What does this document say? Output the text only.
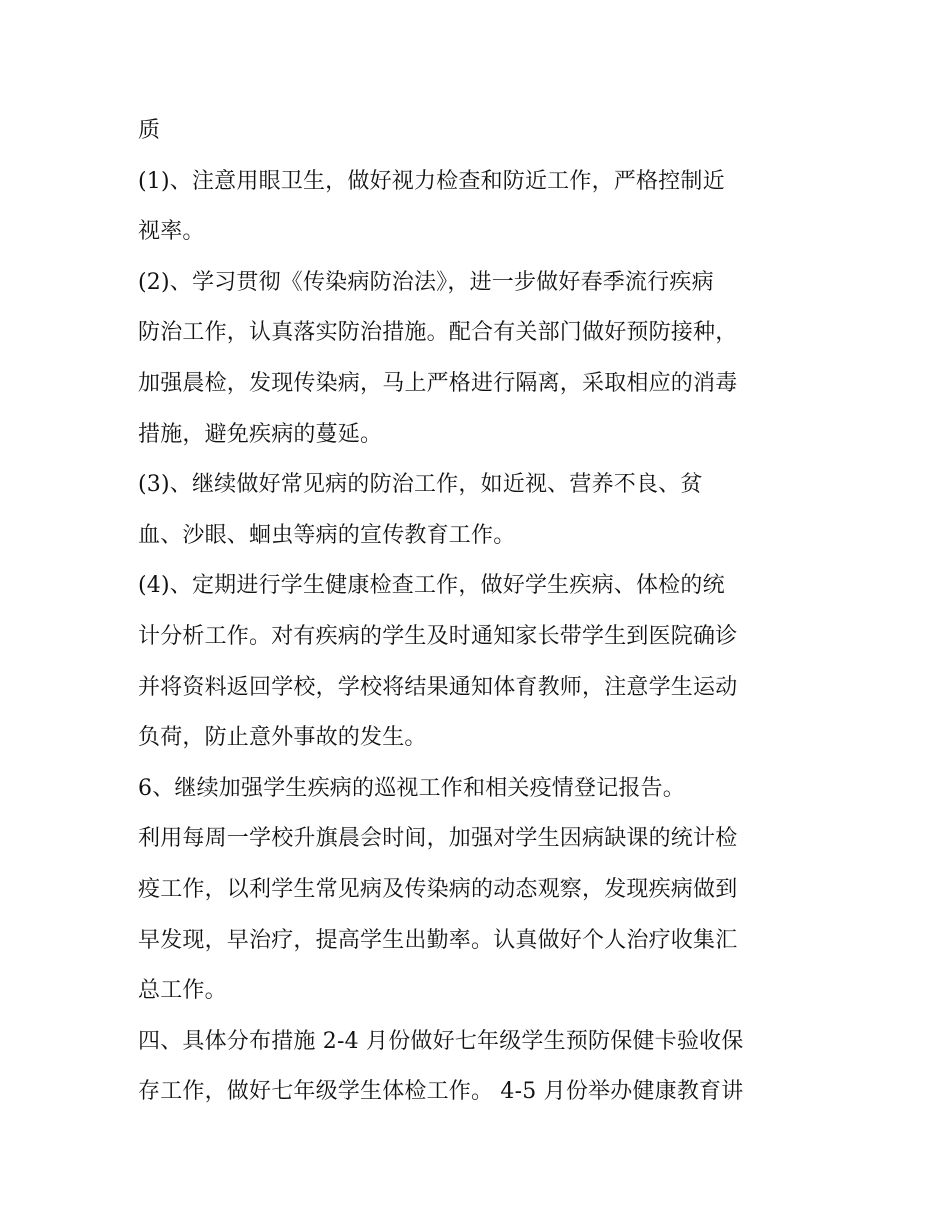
质
(1)、注意用眼卫生，做好视力检查和防近工作，严格控制近
视率。
(2)、学习贯彻《传染病防治法》，进一步做好春季流行疾病
防治工作，认真落实防治措施。配合有关部门做好预防接种，
加强晨检，发现传染病，马上严格进行隔离，采取相应的消毒
措施，避免疾病的蔓延。
(3)、继续做好常见病的防治工作，如近视、营养不良、贫
血、沙眼、蛔虫等病的宣传教育工作。
(4)、定期进行学生健康检查工作，做好学生疾病、体检的统
计分析工作。对有疾病的学生及时通知家长带学生到医院确诊
并将资料返回学校，学校将结果通知体育教师，注意学生运动
负荷，防止意外事故的发生。
6、继续加强学生疾病的巡视工作和相关疫情登记报告。
利用每周一学校升旗晨会时间，加强对学生因病缺课的统计检
疫工作，以利学生常见病及传染病的动态观察，发现疾病做到
早发现，早治疗，提高学生出勤率。认真做好个人治疗收集汇
总工作。
四、具体分布措施 2-4 月份做好七年级学生预防保健卡验收保
存工作，做好七年级学生体检工作。 4-5 月份举办健康教育讲
